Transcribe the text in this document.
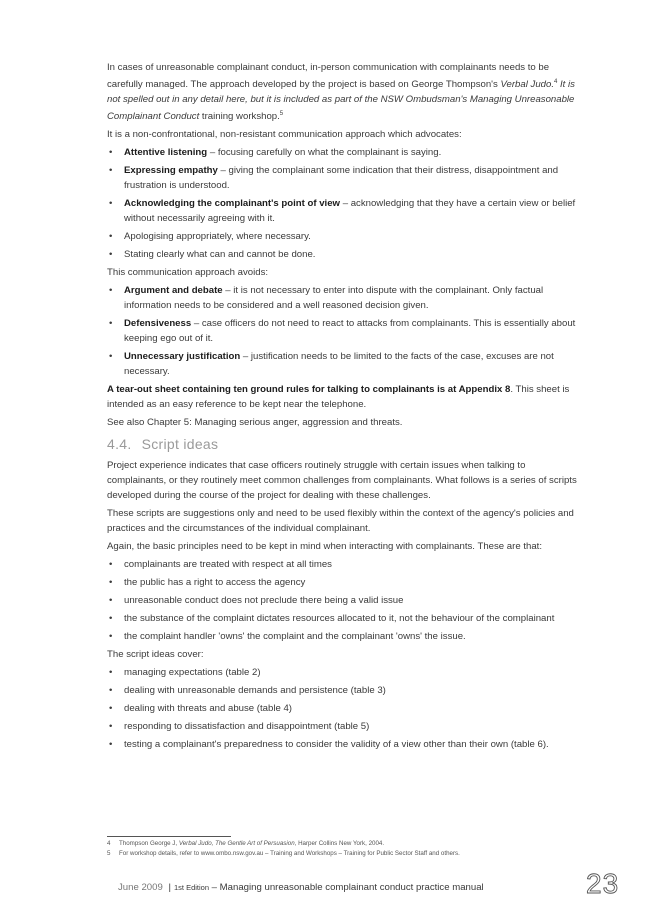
In cases of unreasonable complainant conduct, in-person communication with complainants needs to be carefully managed. The approach developed by the project is based on George Thompson's Verbal Judo.$^4$ It is not spelled out in any detail here, but it is included as part of the NSW Ombudsman's Managing Unreasonable Complainant Conduct training workshop.$^5$

It is a non-confrontational, non-resistant communication approach which advocates:

• Attentive listening – focusing carefully on what the complainant is saying.
• Expressing empathy – giving the complainant some indication that their distress, disappointment and frustration is understood.
• Acknowledging the complainant's point of view – acknowledging that they have a certain view or belief without necessarily agreeing with it.
• Apologising appropriately, where necessary.
• Stating clearly what can and cannot be done.

This communication approach avoids:

• Argument and debate – it is not necessary to enter into dispute with the complainant. Only factual information needs to be considered and a well reasoned decision given.
• Defensiveness – case officers do not need to react to attacks from complainants. This is essentially about keeping ego out of it.
• Unnecessary justification – justification needs to be limited to the facts of the case, excuses are not necessary.

A tear-out sheet containing ten ground rules for talking to complainants is at Appendix 8. This sheet is intended as an easy reference to be kept near the telephone.

See also Chapter 5: Managing serious anger, aggression and threats.

4.4. Script ideas

Project experience indicates that case officers routinely struggle with certain issues when talking to complainants, or they routinely meet common challenges from complainants. What follows is a series of scripts developed during the course of the project for dealing with these challenges.

These scripts are suggestions only and need to be used flexibly within the context of the agency's policies and practices and the circumstances of the individual complainant.

Again, the basic principles need to be kept in mind when interacting with complainants. These are that:

• complainants are treated with respect at all times
• the public has a right to access the agency
• unreasonable conduct does not preclude there being a valid issue
• the substance of the complaint dictates resources allocated to it, not the behaviour of the complainant
• the complaint handler 'owns' the complaint and the complainant 'owns' the issue.

The script ideas cover:

• managing expectations (table 2)
• dealing with unreasonable demands and persistence (table 3)
• dealing with threats and abuse (table 4)
• responding to dissatisfaction and disappointment (table 5)
• testing a complainant's preparedness to consider the validity of a view other than their own (table 6).
4	Thompson George J, Verbal Judo, The Gentle Art of Persuasion, Harper Collins New York, 2004.
5	For workshop details, refer to www.ombo.nsw.gov.au – Training and Workshops – Training for Public Sector Staff and others.
June 2009 | 1st Edition – Managing unreasonable complainant conduct practice manual	23
